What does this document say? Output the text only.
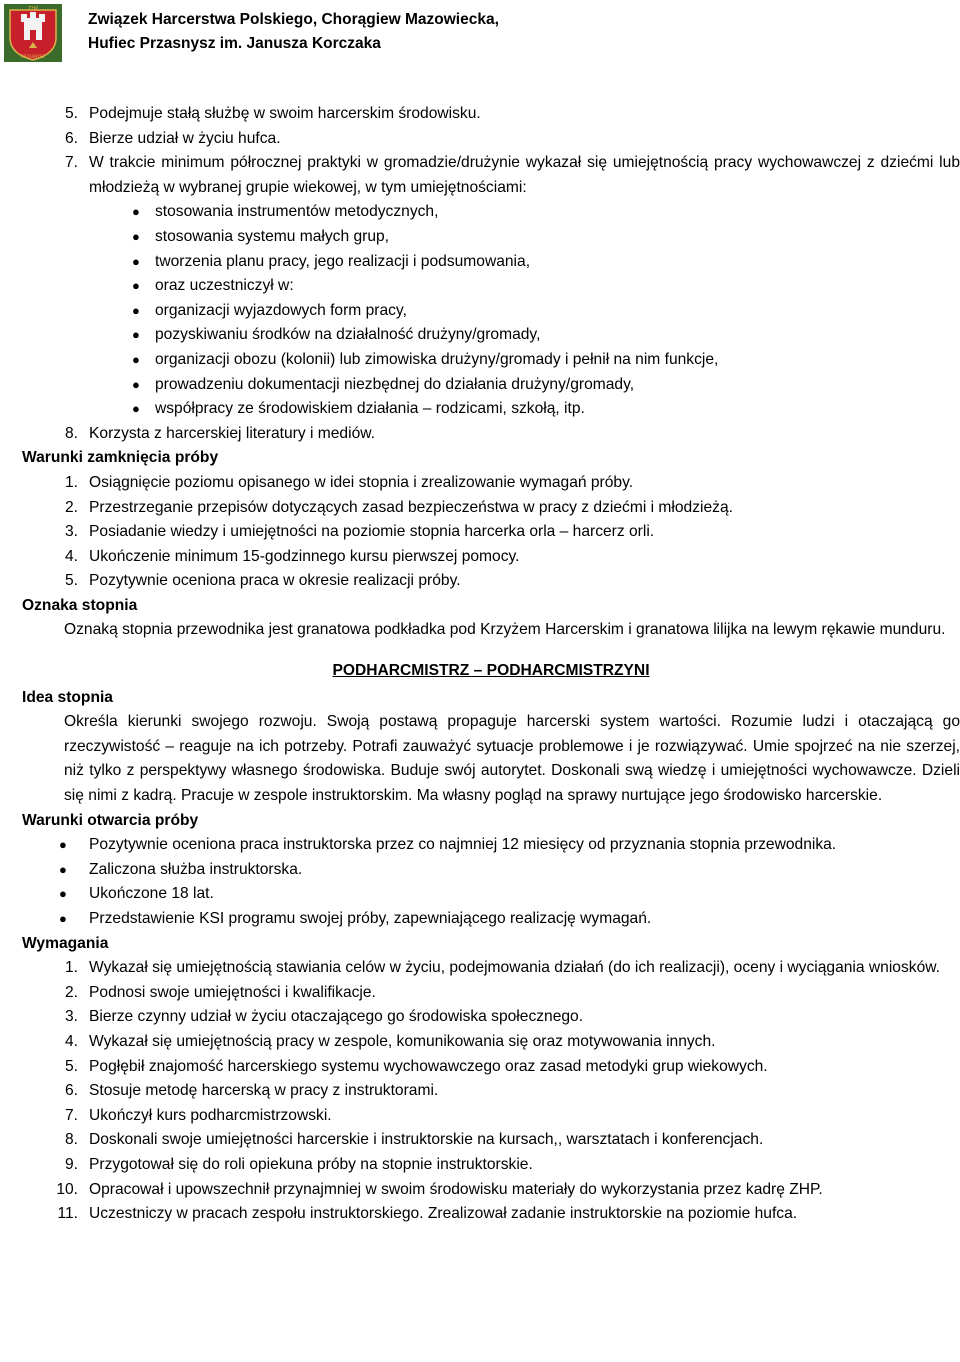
ZHP
PRZASNYSZ
Związek Harcerstwa Polskiego, Chorągiew Mazowiecka,
Hufiec Przasnysz im. Janusza Korczaka
5. Podejmuje stałą służbę w swoim harcerskim środowisku.

6. Bierze udział w życiu hufca.

7. W trakcie minimum półrocznej praktyki w gromadzie/drużynie wykazał się umiejętnością pracy wychowawczej z dziećmi lub młodzieżą w wybranej grupie wiekowej, w tym umiejętnościami:

● stosowania instrumentów metodycznych,

● stosowania systemu małych grup,

● tworzenia planu pracy, jego realizacji i podsumowania,

● oraz uczestniczył w:

● organizacji wyjazdowych form pracy,

● pozyskiwaniu środków na działalność drużyny/gromady,

● organizacji obozu (kolonii) lub zimowiska drużyny/gromady i pełnił na nim funkcje,

● prowadzeniu dokumentacji niezbędnej do działania drużyny/gromady,

● współpracy ze środowiskiem działania – rodzicami, szkołą, itp.

8. Korzysta z harcerskiej literatury i mediów.

Warunki zamknięcia próby

1. Osiągnięcie poziomu opisanego w idei stopnia i zrealizowanie wymagań próby.

2. Przestrzeganie przepisów dotyczących zasad bezpieczeństwa w pracy z dziećmi i młodzieżą.

3. Posiadanie wiedzy i umiejętności na poziomie stopnia harcerka orla – harcerz orli.

4. Ukończenie minimum 15-godzinnego kursu pierwszej pomocy.

5. Pozytywnie oceniona praca w okresie realizacji próby.

Oznaka stopnia

Oznaką stopnia przewodnika jest granatowa podkładka pod Krzyżem Harcerskim i granatowa lilijka na lewym rękawie munduru.

PODHARCMISTRZ – PODHARCMISTRZYNI

Idea stopnia

Określa kierunki swojego rozwoju. Swoją postawą propaguje harcerski system wartości. Rozumie ludzi i otaczającą go rzeczywistość – reaguje na ich potrzeby. Potrafi zauważyć sytuacje problemowe i je rozwiązywać. Umie spojrzeć na nie szerzej, niż tylko z perspektywy własnego środowiska. Buduje swój autorytet. Doskonali swą wiedzę i umiejętności wychowawcze. Dzieli się nimi z kadrą. Pracuje w zespole instruktorskim. Ma własny pogląd na sprawy nurtujące jego środowisko harcerskie.

Warunki otwarcia próby

● Pozytywnie oceniona praca instruktorska przez co najmniej 12 miesięcy od przyznania stopnia przewodnika.

● Zaliczona służba instruktorska.

● Ukończone 18 lat.

● Przedstawienie KSI programu swojej próby, zapewniającego realizację wymagań.

Wymagania

1. Wykazał się umiejętnością stawiania celów w życiu, podejmowania działań (do ich realizacji), oceny i wyciągania wniosków.

2. Podnosi swoje umiejętności i kwalifikacje.

3. Bierze czynny udział w życiu otaczającego go środowiska społecznego.

4. Wykazał się umiejętnością pracy w zespole, komunikowania się oraz motywowania innych.

5. Pogłębił znajomość harcerskiego systemu wychowawczego oraz zasad metodyki grup wiekowych.

6. Stosuje metodę harcerską w pracy z instruktorami.

7. Ukończył kurs podharcmistrzowski.

8. Doskonali swoje umiejętności harcerskie i instruktorskie na kursach,, warsztatach i konferencjach.

9. Przygotował się do roli opiekuna próby na stopnie instruktorskie.

10. Opracował i upowszechnił przynajmniej w swoim środowisku materiały do wykorzystania przez kadrę ZHP.

11. Uczestniczy w pracach zespołu instruktorskiego. Zrealizował zadanie instruktorskie na poziomie hufca.
